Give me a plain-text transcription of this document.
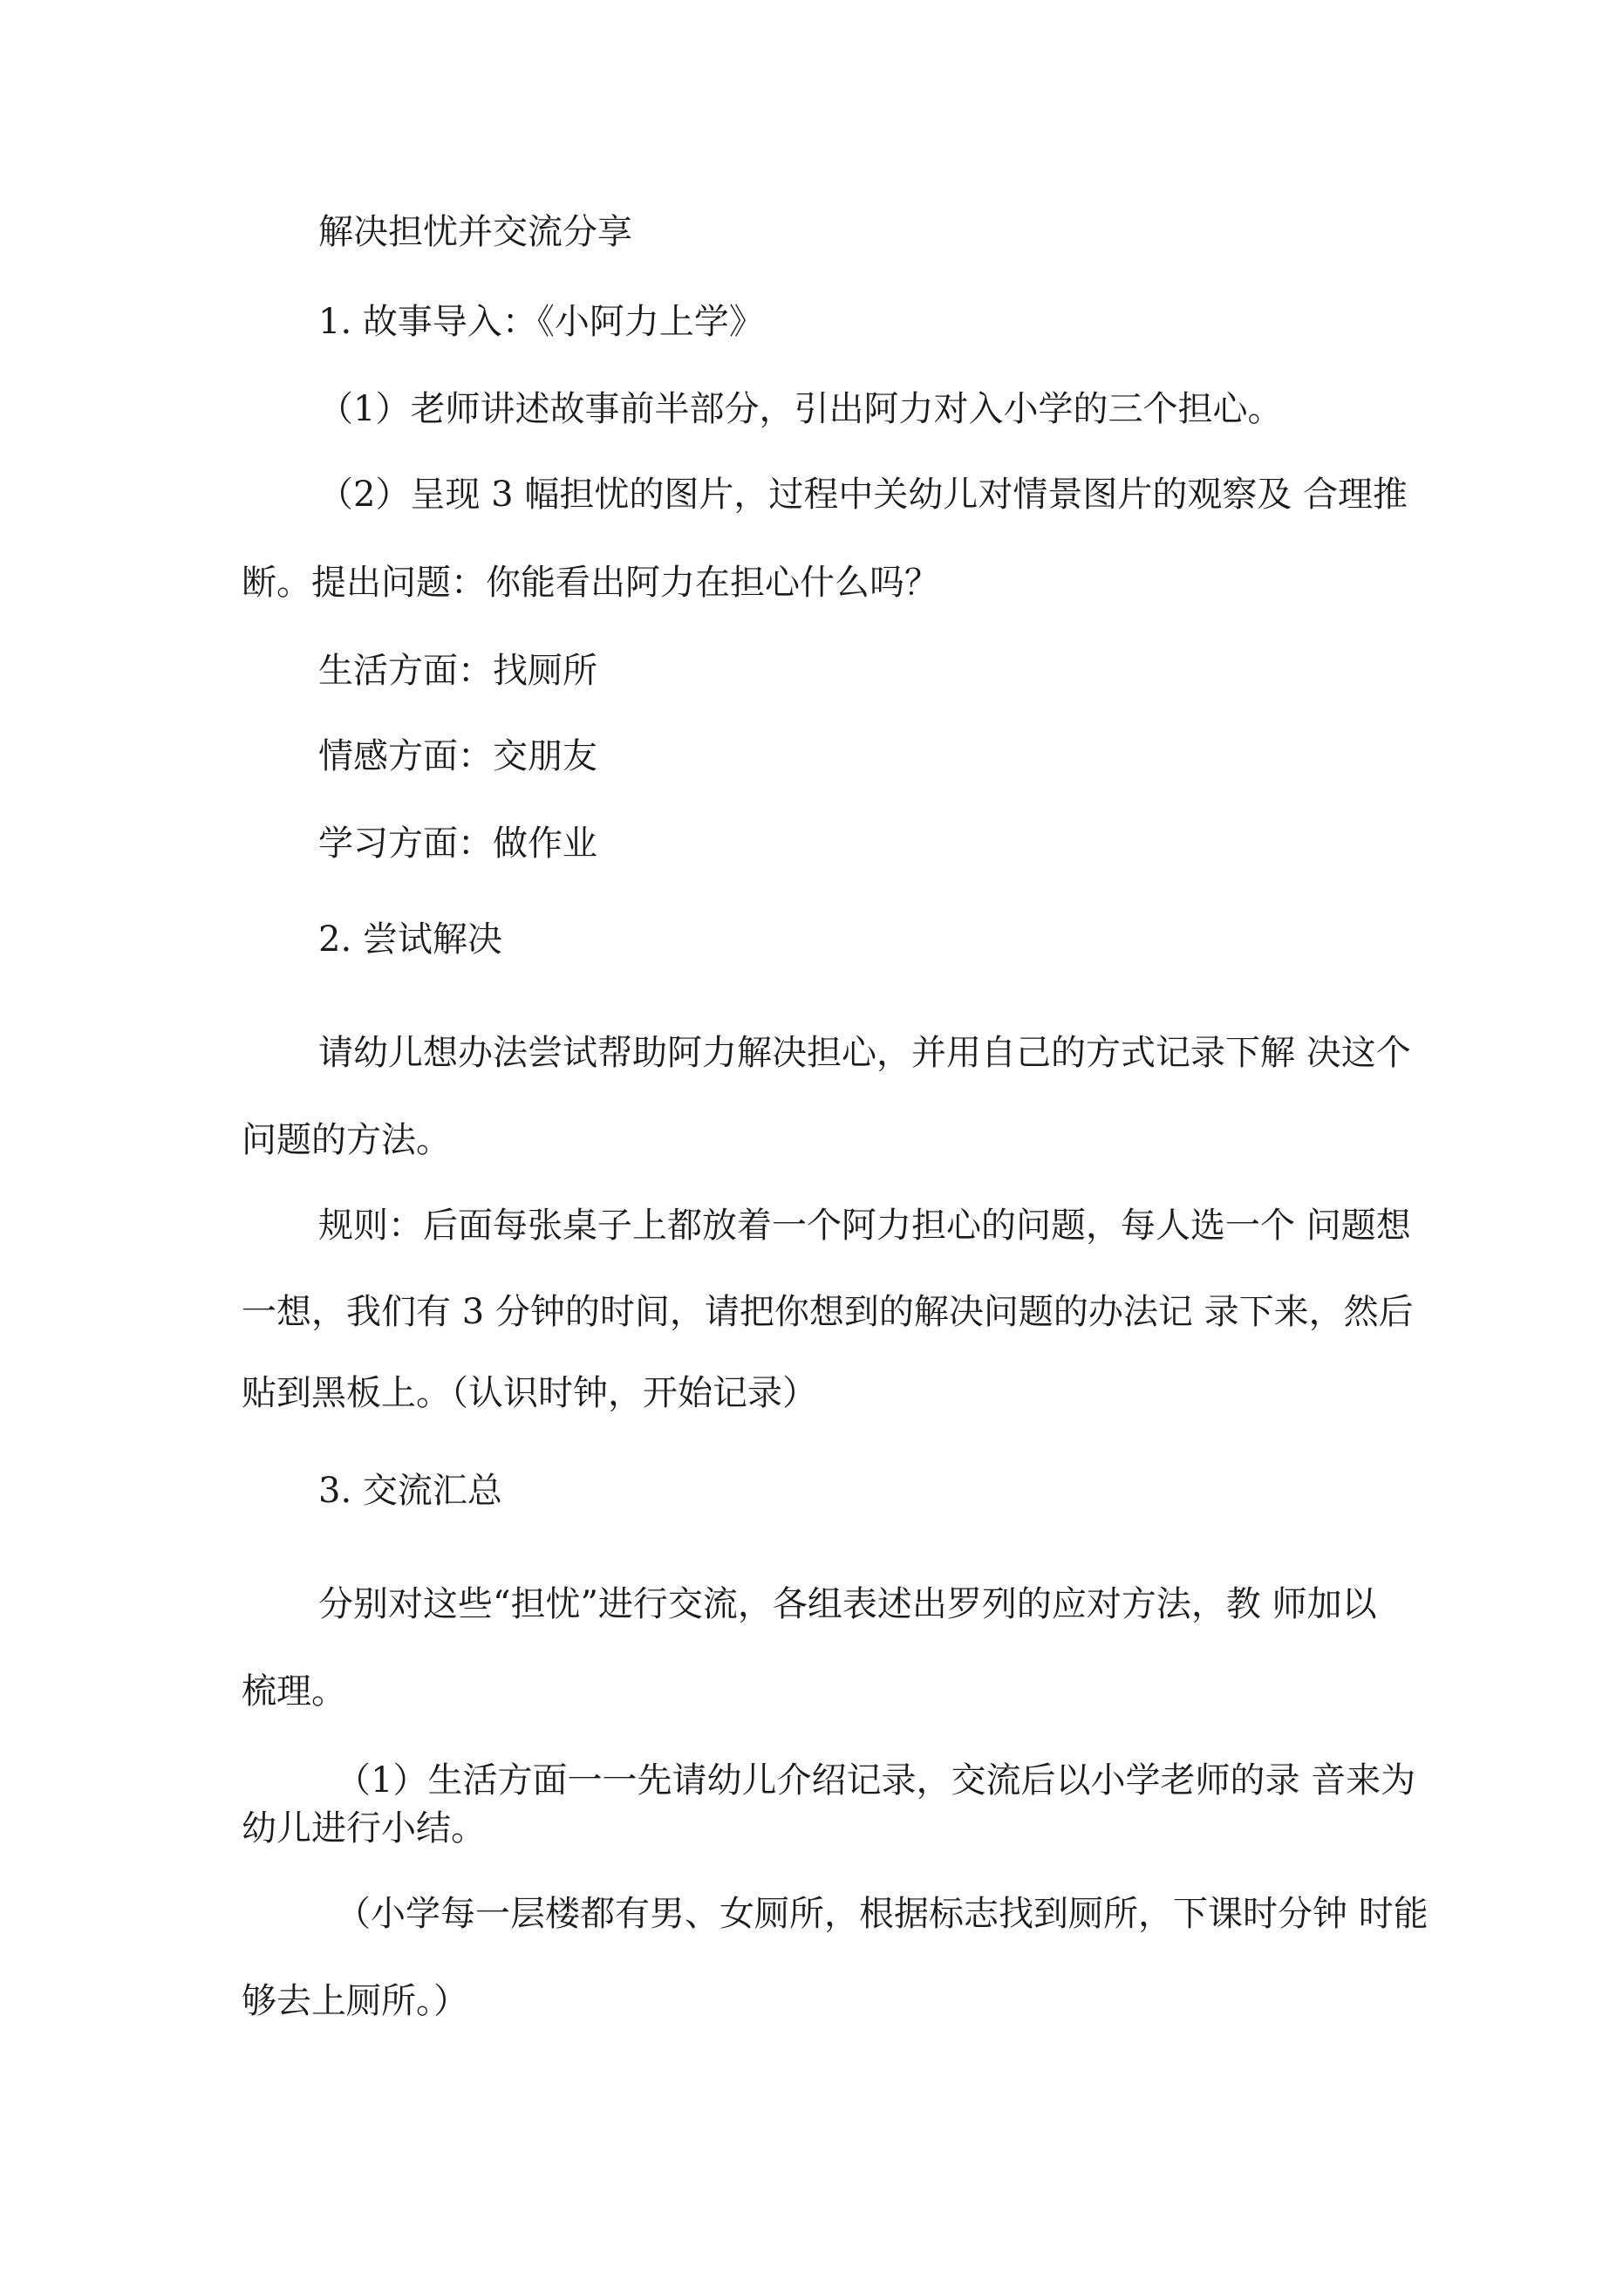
解决担忧并交流分享

1. 故事导入：《小阿力上学》

（1）老师讲述故事前半部分，引出阿力对入小学的三个担心。

（2）呈现 3 幅担忧的图片，过程中关幼儿对情景图片的观察及 合理推

断。提出问题：你能看出阿力在担心什么吗？

生活方面：找厕所

情感方面：交朋友

学习方面：做作业

2. 尝试解决

请幼儿想办法尝试帮助阿力解决担心，并用自己的方式记录下解 决这个

问题的方法。

规则：后面每张桌子上都放着一个阿力担心的问题，每人选一个 问题想

一想，我们有 3 分钟的时间，请把你想到的解决问题的办法记 录下来，然后

贴到黑板上。（认识时钟，开始记录）

3. 交流汇总

分别对这些“担忧”进行交流，各组表述出罗列的应对方法，教 师加以

梳理。

（1）生活方面一一先请幼儿介绍记录，交流后以小学老师的录 音来为

幼儿进行小结。

（小学每一层楼都有男、女厕所，根据标志找到厕所，下课时分钟 时能

够去上厕所。）
